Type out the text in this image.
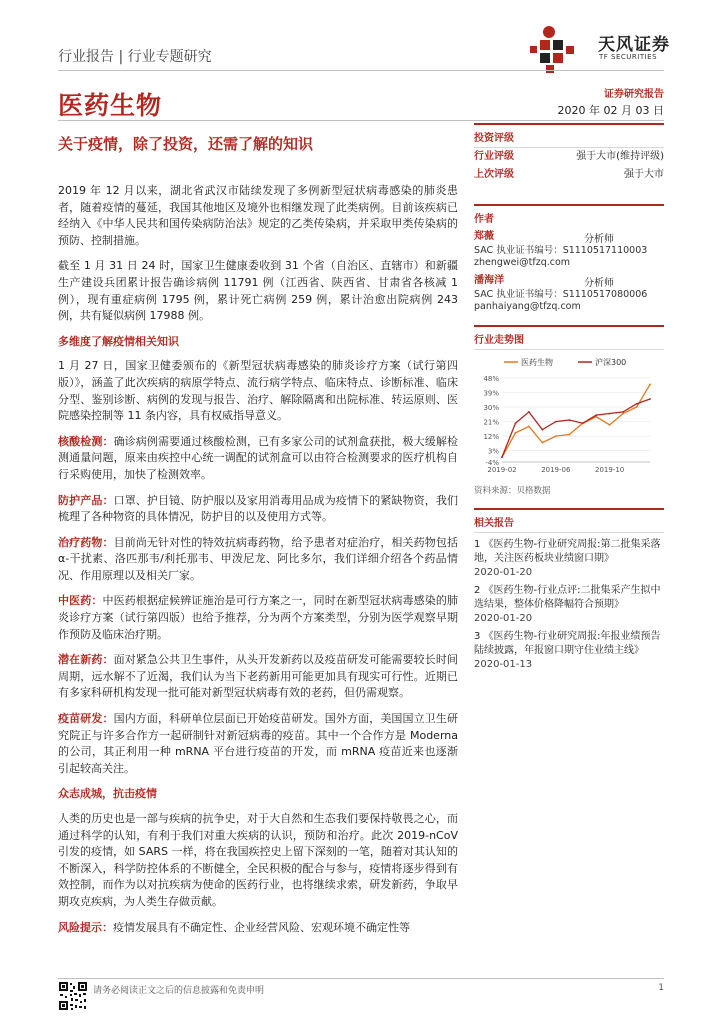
行业报告 | 行业专题研究
天风证券
TF SECURITIES
医药生物	证券研究报告
2020 年 02 月 03 日
关于疫情，除了投资，还需了解的知识

2019 年 12 月以来，湖北省武汉市陆续发现了多例新型冠状病毒感染的肺炎患者，随着疫情的蔓延，我国其他地区及境外也相继发现了此类病例。目前该疾病已经纳入《中华人民共和国传染病防治法》规定的乙类传染病，并采取甲类传染病的预防、控制措施。

截至 1 月 31 日 24 时，国家卫生健康委收到 31 个省（自治区、直辖市）和新疆生产建设兵团累计报告确诊病例 11791 例（江西省、陕西省、甘肃省各核减 1 例），现有重症病例 1795 例，累计死亡病例 259 例，累计治愈出院病例 243 例，共有疑似病例 17988 例。

多维度了解疫情相关知识

1 月 27 日，国家卫健委颁布的《新型冠状病毒感染的肺炎诊疗方案（试行第四版）》，涵盖了此次疾病的病原学特点、流行病学特点、临床特点、诊断标准、临床分型、鉴别诊断、病例的发现与报告、治疗、解除隔离和出院标准、转运原则、医院感染控制等 11 条内容，具有权威指导意义。

核酸检测：确诊病例需要通过核酸检测，已有多家公司的试剂盒获批，极大缓解检测通量问题，原来由疾控中心统一调配的试剂盒可以由符合检测要求的医疗机构自行采购使用，加快了检测效率。

防护产品：口罩、护目镜、防护服以及家用消毒用品成为疫情下的紧缺物资，我们梳理了各种物资的具体情况，防护目的以及使用方式等。

治疗药物：目前尚无针对性的特效抗病毒药物，给予患者对症治疗，相关药物包括α-干扰素、洛匹那韦/利托那韦、甲泼尼龙、阿比多尔，我们详细介绍各个药品情况、作用原理以及相关厂家。

中医药：中医药根据症候辨证施治是可行方案之一，同时在新型冠状病毒感染的肺炎诊疗方案（试行第四版）也给予推荐，分为两个方案类型，分别为医学观察早期作预防及临床治疗期。

潜在新药：面对紧急公共卫生事件，从头开发新药以及疫苗研发可能需要较长时间周期，远水解不了近渴，我们认为当下老药新用可能更加具有现实可行性。近期已有多家科研机构发现一批可能对新型冠状病毒有效的老药，但仍需观察。

疫苗研发：国内方面，科研单位层面已开始疫苗研发。国外方面，美国国立卫生研究院正与许多合作方一起研制针对新冠病毒的疫苗。其中一个合作方是 Moderna 的公司，其正利用一种 mRNA 平台进行疫苗的开发，而 mRNA 疫苗近来也逐渐引起较高关注。

众志成城，抗击疫情

人类的历史也是一部与疾病的抗争史，对于大自然和生态我们要保持敬畏之心，而通过科学的认知，有利于我们对重大疾病的认识，预防和治疗。此次 2019-nCoV 引发的疫情，如 SARS 一样，将在我国疾控史上留下深刻的一笔，随着对其认知的不断深入，科学防控体系的不断健全，全民积极的配合与参与，疫情将逐步得到有效控制，而作为以对抗疾病为使命的医药行业，也将继续求索，研发新药，争取早期攻克疾病，为人类生存做贡献。

风险提示：疫情发展具有不确定性、企业经营风险、宏观环境不确定性等

投资评级
行业评级	强于大市(维持评级)
上次评级	强于大市
作者
郑薇	分析师
SAC 执业证书编号：S1110517110003
zhengwei@tfzq.com
潘海洋	分析师
SAC 执业证书编号：S1110517080006
panhaiyang@tfzq.com
行业走势图
-4%
3%
12%
21%
30%
39%
48%
2019-02	2019-06	2019-10
医药生物	沪深300
资料来源：贝格数据
相关报告
1 《医药生物-行业研究周报:第二批集采落地，关注医药板块业绩窗口期》
2020-01-20
2 《医药生物-行业点评:二批集采产生拟中选结果，整体价格降幅符合预期》
2020-01-20
3 《医药生物-行业研究周报:年报业绩预告陆续披露，年报窗口期守住业绩主线》
2020-01-13
请务必阅读正文之后的信息披露和免责申明	1
